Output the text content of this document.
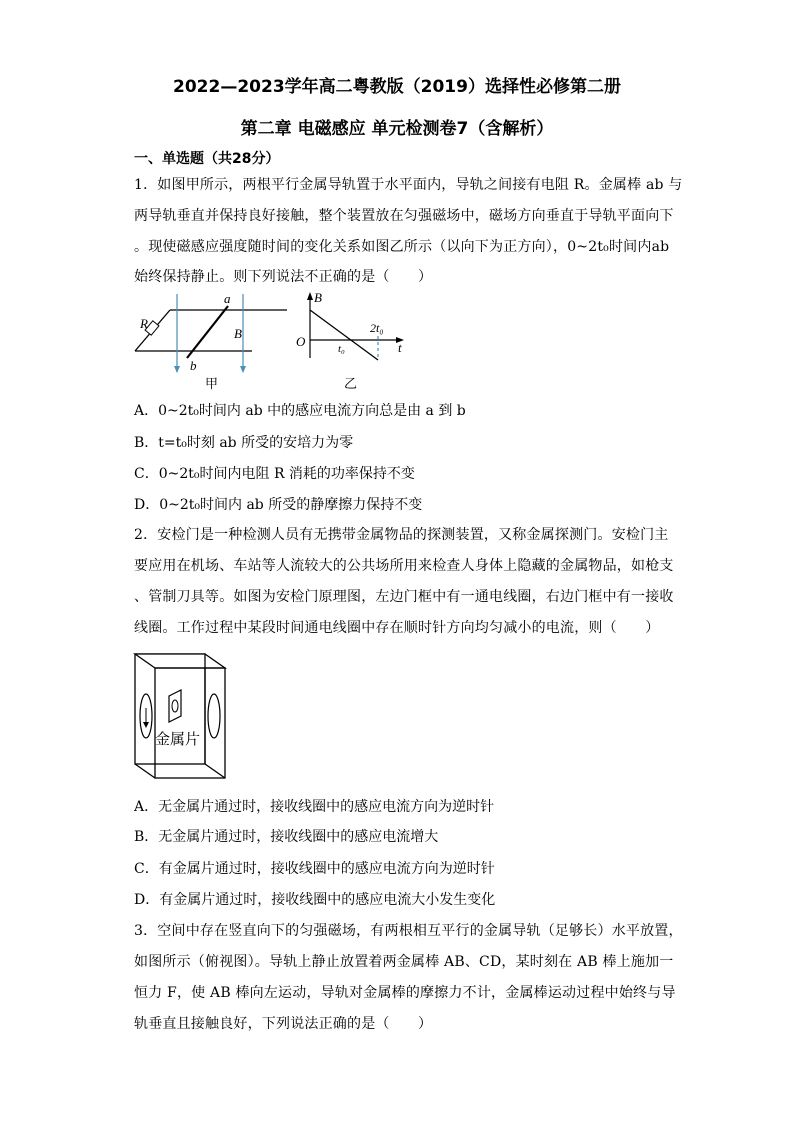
2022—2023学年高二粤教版（2019）选择性必修第二册
第二章 电磁感应 单元检测卷7（含解析）
一、单选题（共28分）
1．如图甲所示，两根平行金属导轨置于水平面内，导轨之间接有电阻 R。金属棒 ab 与
两导轨垂直并保持良好接触，整个装置放在匀强磁场中，磁场方向垂直于导轨平面向下
。现使磁感应强度随时间的变化关系如图乙所示（以向下为正方向），0~2t₀时间内ab
始终保持静止。则下列说法不正确的是（　　）
R
a
B
b
甲
B
O	t₀
2t₀
t
乙
A．0~2t₀时间内 ab 中的感应电流方向总是由 a 到 b
B．t=t₀时刻 ab 所受的安培力为零
C．0~2t₀时间内电阻 R 消耗的功率保持不变
D．0~2t₀时间内 ab 所受的静摩擦力保持不变
2．安检门是一种检测人员有无携带金属物品的探测装置，又称金属探测门。安检门主
要应用在机场、车站等人流较大的公共场所用来检查人身体上隐藏的金属物品，如枪支
、管制刀具等。如图为安检门原理图，左边门框中有一通电线圈，右边门框中有一接收
线圈。工作过程中某段时间通电线圈中存在顺时针方向均匀减小的电流，则（　　）
金属片
A．无金属片通过时，接收线圈中的感应电流方向为逆时针
B．无金属片通过时，接收线圈中的感应电流增大
C．有金属片通过时，接收线圈中的感应电流方向为逆时针
D．有金属片通过时，接收线圈中的感应电流大小发生变化
3．空间中存在竖直向下的匀强磁场，有两根相互平行的金属导轨（足够长）水平放置，
如图所示（俯视图）。导轨上静止放置着两金属棒 AB、CD，某时刻在 AB 棒上施加一
恒力 F，使 AB 棒向左运动，导轨对金属棒的摩擦力不计，金属棒运动过程中始终与导
轨垂直且接触良好，下列说法正确的是（　　）
